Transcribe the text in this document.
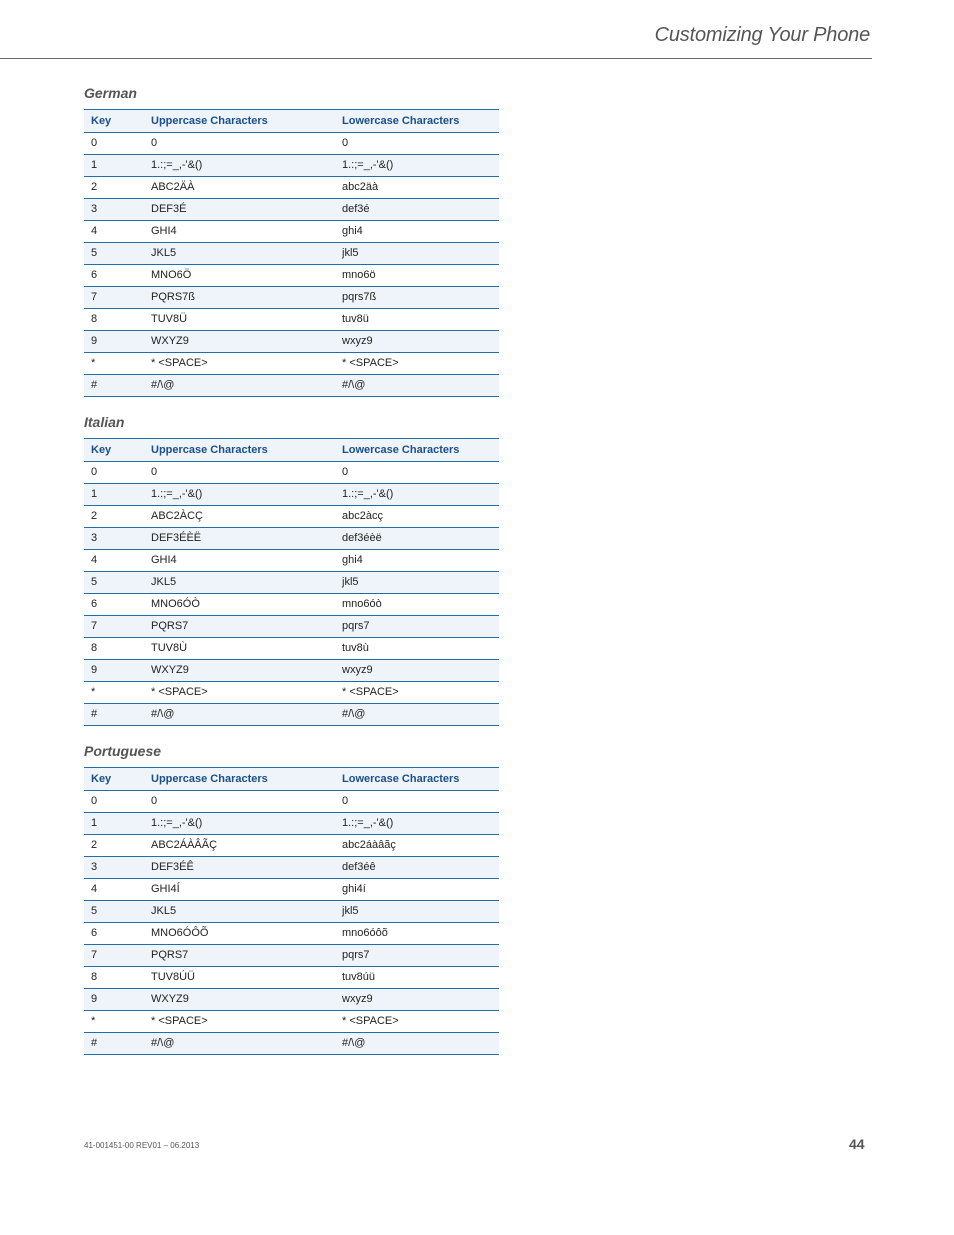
Customizing Your Phone
German
Key	Uppercase Characters	Lowercase Characters
0	0	0
1	1.:;=_,-'&()	1.:;=_,-'&()
2	ABC2ÄÀ	abc2äà
3	DEF3É	def3é
4	GHI4	ghi4
5	JKL5	jkl5
6	MNO6Ö	mno6ö
7	PQRS7ß	pqrs7ß
8	TUV8Ü	tuv8ü
9	WXYZ9	wxyz9
*	* <SPACE>	* <SPACE>
#	#/\@	#/\@
Italian
Key	Uppercase Characters	Lowercase Characters
0	0	0
1	1.:;=_,-'&()	1.:;=_,-'&()
2	ABC2ÀCÇ	abc2àcç
3	DEF3ÉÈË	def3éèë
4	GHI4	ghi4
5	JKL5	jkl5
6	MNO6ÓÒ	mno6óò
7	PQRS7	pqrs7
8	TUV8Ù	tuv8ù
9	WXYZ9	wxyz9
*	* <SPACE>	* <SPACE>
#	#/\@	#/\@
Portuguese
Key	Uppercase Characters	Lowercase Characters
0	0	0
1	1.:;=_,-'&()	1.:;=_,-'&()
2	ABC2ÁÀÂÃÇ	abc2áàâãç
3	DEF3ÉÊ	def3éê
4	GHI4Í	ghi4í
5	JKL5	jkl5
6	MNO6ÓÔÕ	mno6óôõ
7	PQRS7	pqrs7
8	TUV8ÚÜ	tuv8úü
9	WXYZ9	wxyz9
*	* <SPACE>	* <SPACE>
#	#/\@	#/\@
41-001451-00 REV01 – 06.2013	44
